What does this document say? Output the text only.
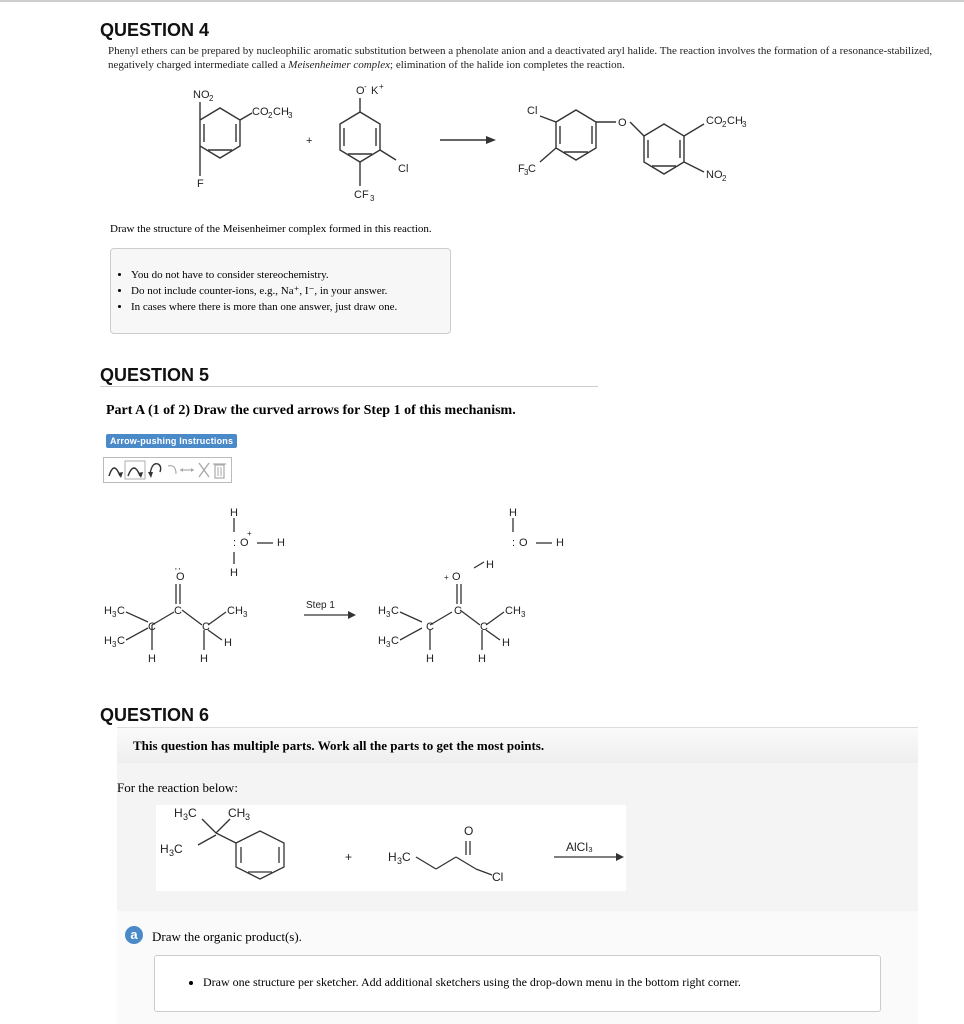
QUESTION 4
Phenyl ethers can be prepared by nucleophilic aromatic substitution between a phenolate anion and a deactivated aryl halide. The reaction involves the formation of a resonance-stabilized, negatively charged intermediate called a Meisenheimer complex; elimination of the halide ion completes the reaction.
NO 2
CO 2 CH 3
F
+
O - K +
Cl
CF 3
Cl
F 3 C
O	CO 2 CH 3
NO 2
Draw the structure of the Meisenheimer complex formed in this reaction.
• You do not have to consider stereochemistry.
• Do not include counter-ions, e.g., Na⁺, I⁻, in your answer.
• In cases where there is more than one answer, just draw one.
QUESTION 5
Part A (1 of 2) Draw the curved arrows for Step 1 of this mechanism.
Arrow-pushing Instructions
H
O
:
+
H
H
O
··
H 3 C
H 3 C
C
C
C
CH 3
H	H
H
Step 1
H
O
:	H
H
O
+
H 3 C
H 3 C
C
C
C
CH 3
H	H
H
QUESTION 6
This question has multiple parts. Work all the parts to get the most points.
For the reaction below:
H 3 C	CH 3
H 3 C
+	H 3 C
O
Cl
AlCl₃
a	Draw the organic product(s).
• Draw one structure per sketcher. Add additional sketchers using the drop-down menu in the bottom right corner.
